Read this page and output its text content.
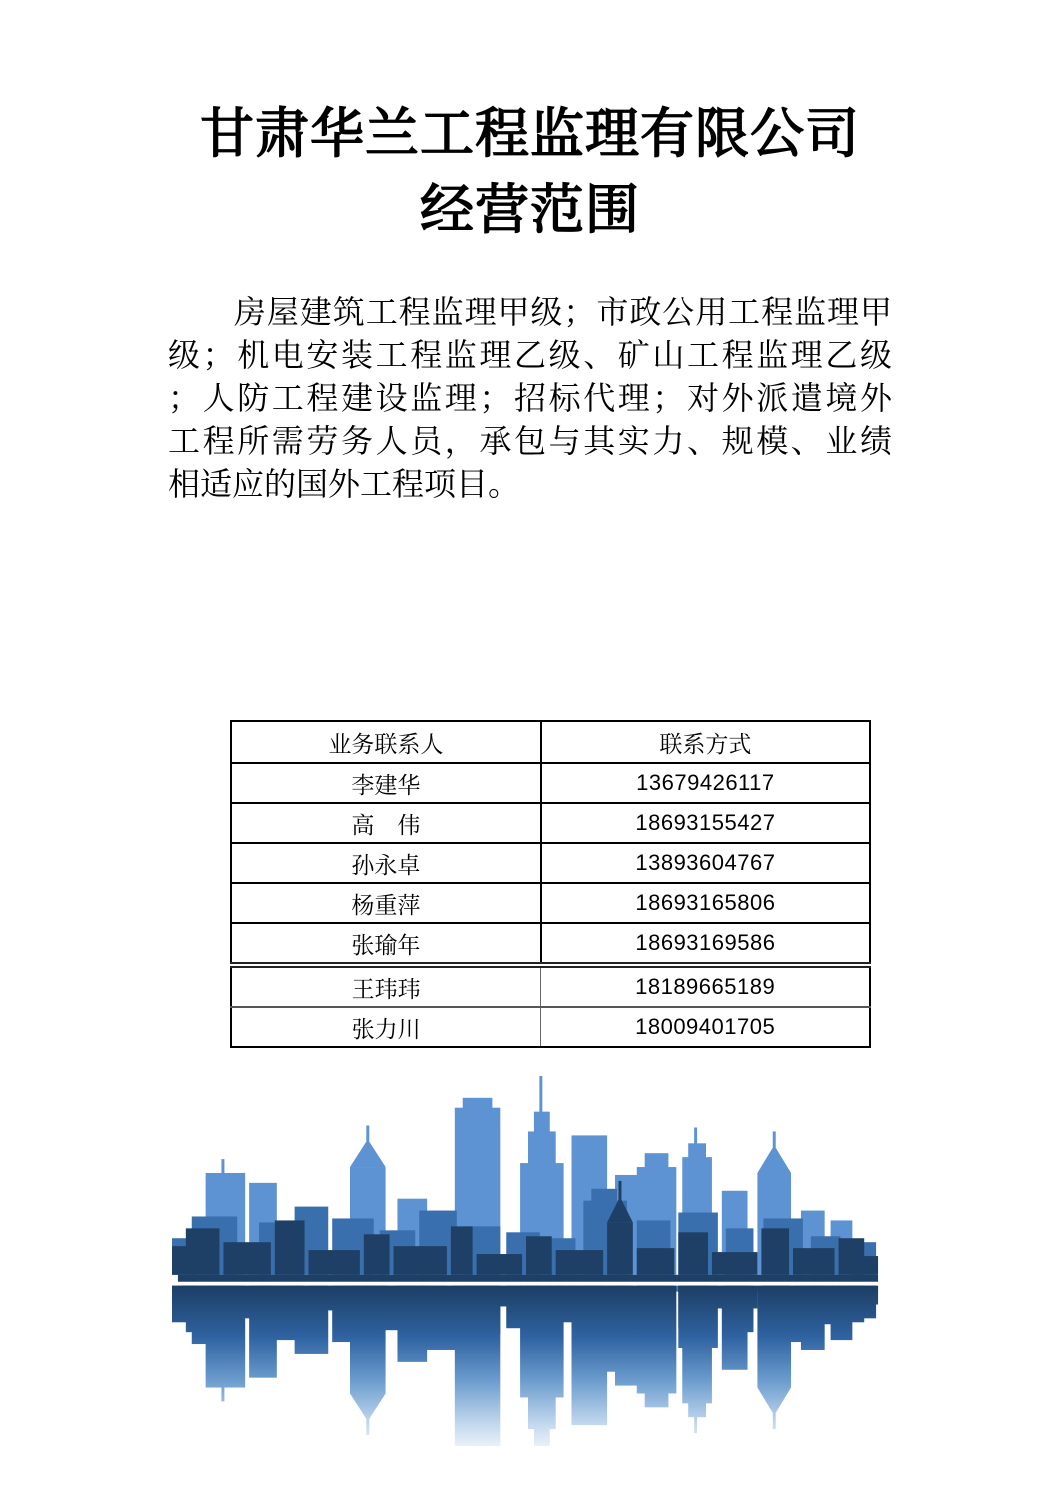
甘肃华兰工程监理有限公司
经营范围
　　房屋建筑工程监理甲级；市政公用工程监理甲
级；机电安装工程监理乙级、矿山工程监理乙级
；人防工程建设监理；招标代理；对外派遣境外
工程所需劳务人员，承包与其实力、规模、业绩
相适应的国外工程项目。
业务联系人	联系方式
李建华	13679426117
高　伟	18693155427
孙永卓	13893604767
杨重萍	18693165806
张瑜年	18693169586
王玮玮	18189665189
张力川	18009401705
